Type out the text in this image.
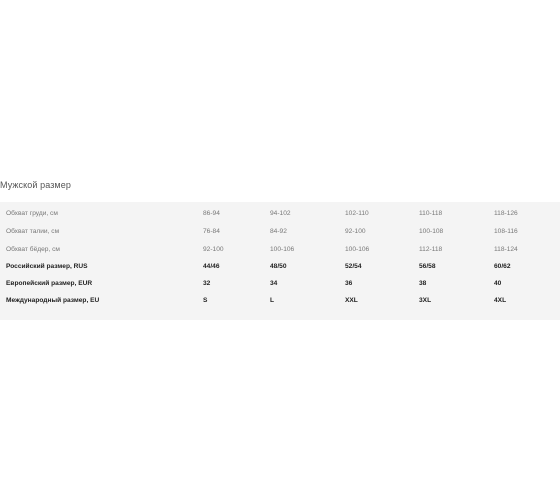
Мужской размер
Обхват груди, см	86-94	94-102	102-110	110-118	118-126
Обхват талии, см	76-84	84-92	92-100	100-108	108-116
Обхват бёдер, см	92-100	100-106	100-106	112-118	118-124
Российский размер, RUS	44/46	48/50	52/54	56/58	60/62
Европейский размер, EUR	32	34	36	38	40
Международный размер, EU	S	L	XXL	3XL	4XL
